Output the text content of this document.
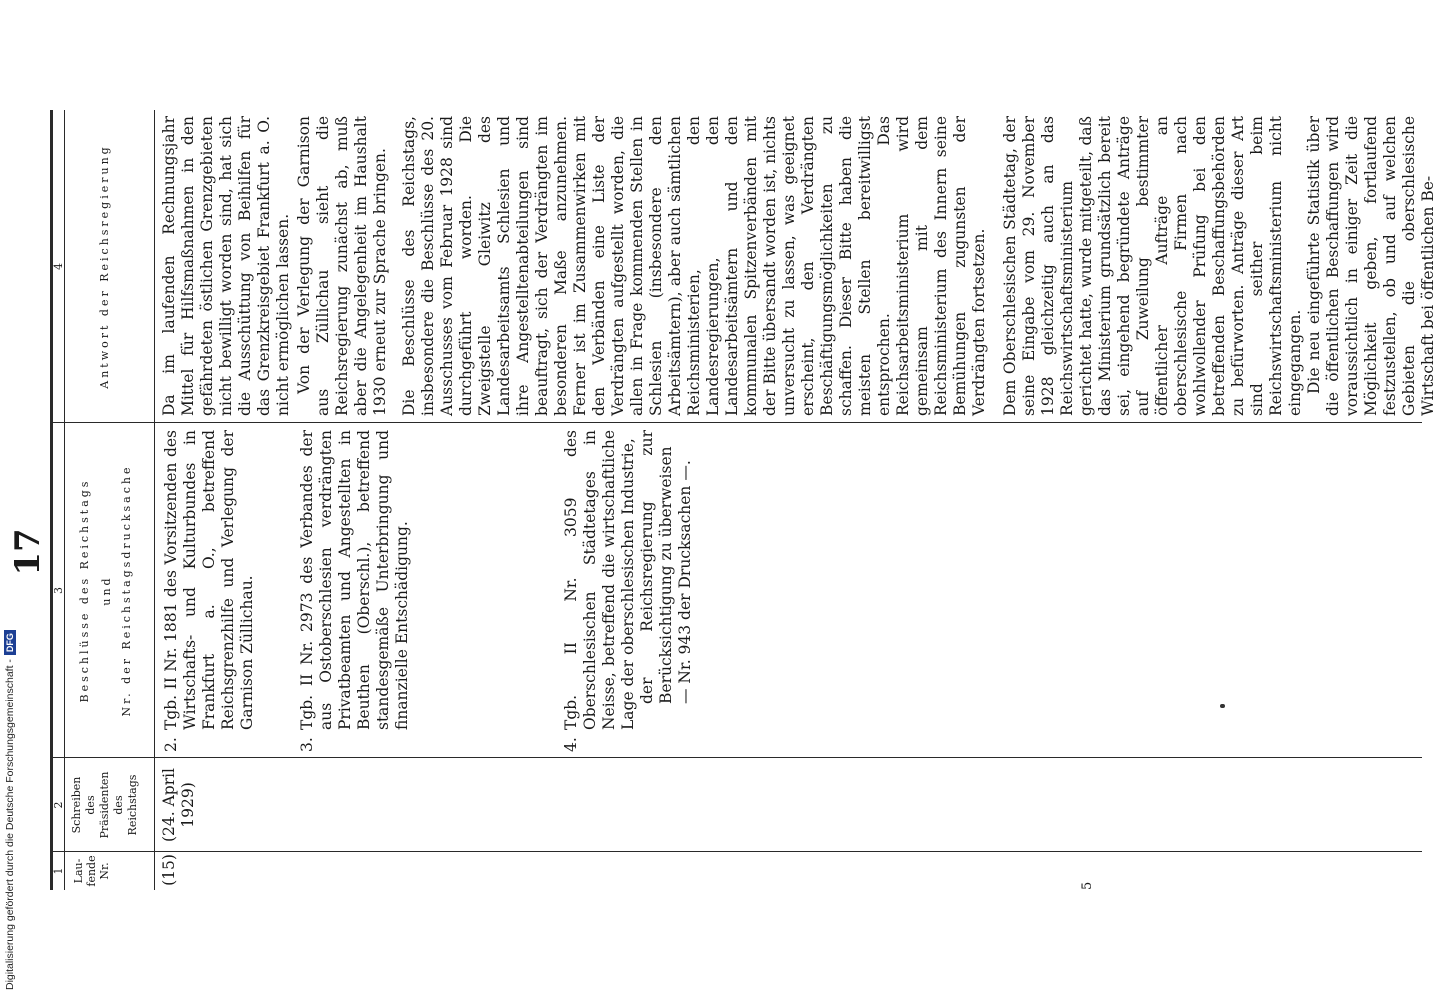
17
1
2
3
4
Lau-
fende
Nr.
Schreiben
des
Präsidenten
des
Reichstags
Beschlüsse des Reichstags und Nr. der Reichstagsdrucksache
Antwort der Reichsregierung
(15)
(24. April
1929)
2.
Tgb. II Nr. 1881 des Vorsitzenden des Wirtschafts- und Kulturbundes in Frankfurt a. O., betreffend Reichsgrenzhilfe und Verlegung der Garnison Züllichau.
3.
Tgb. II Nr. 2973 des Verbandes der aus Ostoberschlesien verdrängten Privatbeamten und Angestellten in Beuthen (Oberschl.), betreffend standesgemäße Unterbringung und finanzielle Entschädigung.
4.
Tgb. II Nr. 3059 des Oberschlesischen Städtetages in Neisse, betreffend die wirtschaftliche Lage der oberschlesischen Industrie, der Reichsregierung zur Berücksichtigung zu überweisen — Nr. 943 der Drucksachen —.

Da im laufenden Rechnungsjahr Mittel für Hilfsmaßnahmen in den gefährdeten östlichen Grenzgebieten nicht bewilligt worden sind, hat sich die Ausschüttung von Beihilfen für das Grenzkreisgebiet Frankfurt a. O. nicht ermöglichen lassen. Von der Verlegung der Garnison aus Züllichau sieht die Reichsregierung zunächst ab, muß aber die Angelegenheit im Haushalt 1930 erneut zur Sprache bringen. Die Beschlüsse des Reichstags, insbesondere die Beschlüsse des 20. Ausschusses vom Februar 1928 sind durchgeführt worden. Die Zweigstelle Gleiwitz des Landesarbeitsamts Schlesien und ihre Angestelltenabteilungen sind beauftragt, sich der Verdrängten im besonderen Maße anzunehmen. Ferner ist im Zusammenwirken mit den Verbänden eine Liste der Verdrängten aufgestellt worden, die allen in Frage kommenden Stellen in Schlesien (insbesondere den Arbeitsämtern), aber auch sämtlichen Reichsministerien, den Landesregierungen, den Landesarbeitsämtern und den kommunalen Spitzenverbänden mit der Bitte übersandt worden ist, nichts unversucht zu lassen, was geeignet erscheint, den Verdrängten Beschäftigungsmöglichkeiten zu schaffen. Dieser Bitte haben die meisten Stellen bereitwilligst entsprochen. Das Reichsarbeitsministerium wird gemeinsam mit dem Reichsministerium des Innern seine Bemühungen zugunsten der Verdrängten fortsetzen. Dem Oberschlesischen Städtetag, der seine Eingabe vom 29. November 1928 gleichzeitig auch an das Reichswirtschaftsministerium gerichtet hatte, wurde mitgeteilt, daß das Ministerium grundsätzlich bereit sei, eingehend begründete Anträge auf Zuweilung bestimmter öffentlicher Aufträge an oberschlesische Firmen nach wohlwollender Prüfung bei den betreffenden Beschaffungsbehörden zu befürworten. Anträge dieser Art sind seither beim Reichswirtschaftsministerium nicht eingegangen. Die neu eingeführte Statistik über die öffentlichen Beschaffungen wird voraussichtlich in einiger Zeit die Möglichkeit geben, fortlaufend festzustellen, ob und auf welchen Gebieten die oberschlesische Wirtschaft bei öffentlichen Be-

5
Digitalisierung gefördert durch die Deutsche Forschungsgemeinschaft -
DFG
